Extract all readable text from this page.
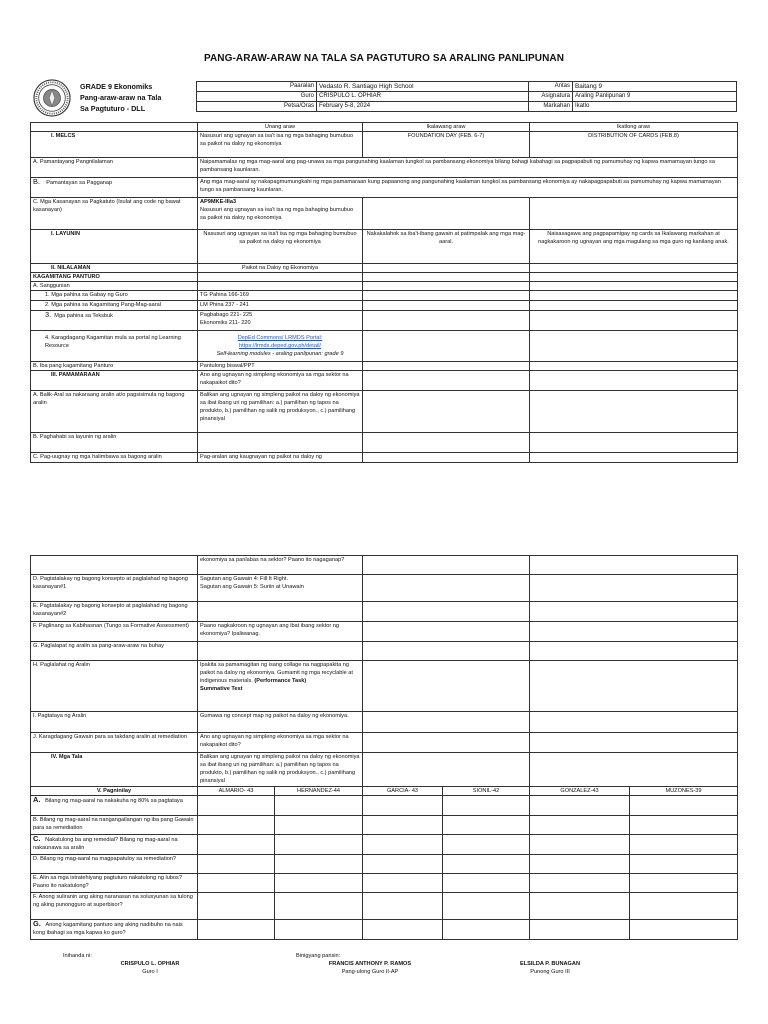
PANG-ARAW-ARAW NA TALA SA PAGTUTURO SA ARALING PANLIPUNAN
GRADE 9 Ekonomiks
Pang-araw-araw na Tala
Sa Pagtuturo - DLL
Paaralan	Vedasto R. Santiago High School	Antas	Baitang 9
Guro	CRISPULO L. OPHIAR	Asignatura	Araling Panlipunan 9
Petsa/Oras	February 5-8, 2024	Markahan	Ikatlo
	Unang araw	Ikalawang araw	Ikatlong araw
I. MELCS	Nasusuri ang ugnayan sa isa't isa ng mga bahaging bumubuo sa paikot na daloy ng ekonomiya	FOUNDATION DAY (FEB. 6-7)	DISTRIBUTION OF CARDS (FEB.8)
A. Pamantayang Pangnilalaman	Naipamamalas ng mga mag-aaral ang pag-unawa sa mga pangunahing kaalaman tungkol sa pambansang ekonomiya bilang bahagi kabahagi sa pagpapabuti ng pamumuhay ng kapwa mamamayan tungo sa pambansang kaunlaran.		
B. Pamantayan sa Pagganap	Ang mga mag-aaral ay nakapagmumungkahi ng mga pamamaraan kung papaanong ang pangunahing kaalaman tungkol sa pambansang ekonomiya ay nakapagpapabuti sa pamumuhay ng kapwa mamamayan tungo sa pambansang kaunlaran.		
C. Mga Kasanayan sa Pagkatuto (Isulat ang code ng bawat kasanayan)	AP9MKE-IIIa3
Nasusuri ang ugnayan sa isa't isa ng mga bahaging bumubuo sa paikot na daloy ng ekonomiya		

I. LAYUNIN	Nasusuri ang ugnayan sa isa't isa ng mga bahaging bumubuo sa paikot na daloy ng ekonomiya	Nakakalahok sa iba't-ibang gawain at patimpalak ang mga mag-aaral.	Naisasagawa ang pagpapamigay ng cards sa Ikalawang markahan at nagkakaroon ng ugnayan ang mga magulang sa mga guro ng kanilang anak.
II. NILALAMAN	Paikot na Daloy ng Ekonomiya		
KAGAMITANG PANTURO			
A. Sanggunian			
1. Mga pahina sa Gabay ng Guro	TG Pahina 166-169		
2. Mga pahina sa Kagamitang Pang-Mag-aaral	LM Phina 237 - 241		
3. Mga pahina sa Teksbuk	Pagbabago 221- 225
Ekonomiks 211- 220		

4. Karagdagang Kagamitan mula sa portal ng Learning Resource	DepEd Commons/ LRMDS Portal:
https://lrmds.deped.gov.ph/detail/
Self-learning modules - araling panlipunan: grade 9		

B. Iba pang kagamitang Panturo	Pantulong biswal/PPT		
III. PAMAMARAAN	Ano ang ugnayan ng simpleng ekonomiya sa mga sektor na nakapaikot dito?		
A. Balik-Aral sa nakaraang aralin at/o pagsisimula ng bagong aralin	Balikan ang ugnayan ng simpleng paikot na daloy ng ekonomiya sa ibat ibang uri ng pamilihan: a.) pamilihan ng tapos na produkto, b.) pamilihan ng salik ng produksyon., c.) pamilihang pinansiyal		
B. Paghahabi sa layunin ng aralin			
C. Pag-uugnay ng mga halimbawa sa bagong aralin	Pag-aralan ang kaugnayan ng paikot na daloy ng		
	ekonomiya sa panlabas na sektor? Paano ito nagaganap?					
D. Pagtatalakay ng bagong konsepto at paglalahad ng bagong kasanayan#1	Sagutan ang Gawain 4: Fill It Right.
Sagutan ang Gawain 5: Suriin at Unawain					

E. Pagtatalakay ng bagong konsepto at paglalahad ng bagong kasanayan#2						
F. Paglinang sa Kabihasnan (Tungo sa Formative Assessment)	Paano nagkakroon ng ugnayan ang ibat ibang sektor ng ekonomiya? Ipaliwanag.					
G. Paglalapat ng aralin sa pang-araw-araw na buhay						
H. Paglalahat ng Aralin	Ipakita sa pamamagitan ng isang collage na nagpapakita ng paikot na daloy ng ekonomiya. Gumamit ng mga recyclable at indigenous materials. (Performance Task)
Summative Test					

I. Pagtataya ng Aralin	Gumawa ng concept map ng paikot na daloy ng ekonomiya.					
J. Karagdagang Gawain para sa takdang aralin at remediation	Ano ang ugnayan ng simpleng ekonomiya sa mga sektor na nakapaikot dito?					
IV. Mga Tala	Balikan ang ugnayan ng simpleng paikot na daloy ng ekonomiya sa ibat ibang uri ng pamilihan: a.) pamilihan ng tapos na produkto, b.) pamilihan ng salik ng produksyon., c.) pamilihang pinansiyal					
V. Pagninilay	ALMARIO- 43	HERNANDEZ-44	GARCIA- 43	SIONIL-42	GONZALEZ-43	MUZONES-39
A. Bilang ng mag-aaral na nakakuha ng 80% sa pagtataya						
B. Bilang ng mag-aaral na nangangailangan ng iba pang Gawain para sa remediation						
C. Nakatulong ba ang remedial? Bilang ng mag-aaral na nakaunawa sa aralin						
D. Bilang ng mag-aaral na magpapatuloy sa remediation?						
E. Alin sa mga istratehiyang pagtuturo nakatulong ng lubos? Paano ito nakatulong?						
F. Anong suliranin ang aking naranasan na solusyunan sa tulong ng aking punongguro at superbisor?						
G. Anong kagamitang panturo ang aking nadibuho na nais kong ibahagi sa mga kapwa ko guro?						
Inihanda ni:
CRISPULO L. OPHIAR
Guro I
Binigyang pansin:
FRANCIS ANTHONY P. RAMOS
Pang-ulong Guro II-AP
ELSILDA P. BUNAGAN
Punong Guro III
